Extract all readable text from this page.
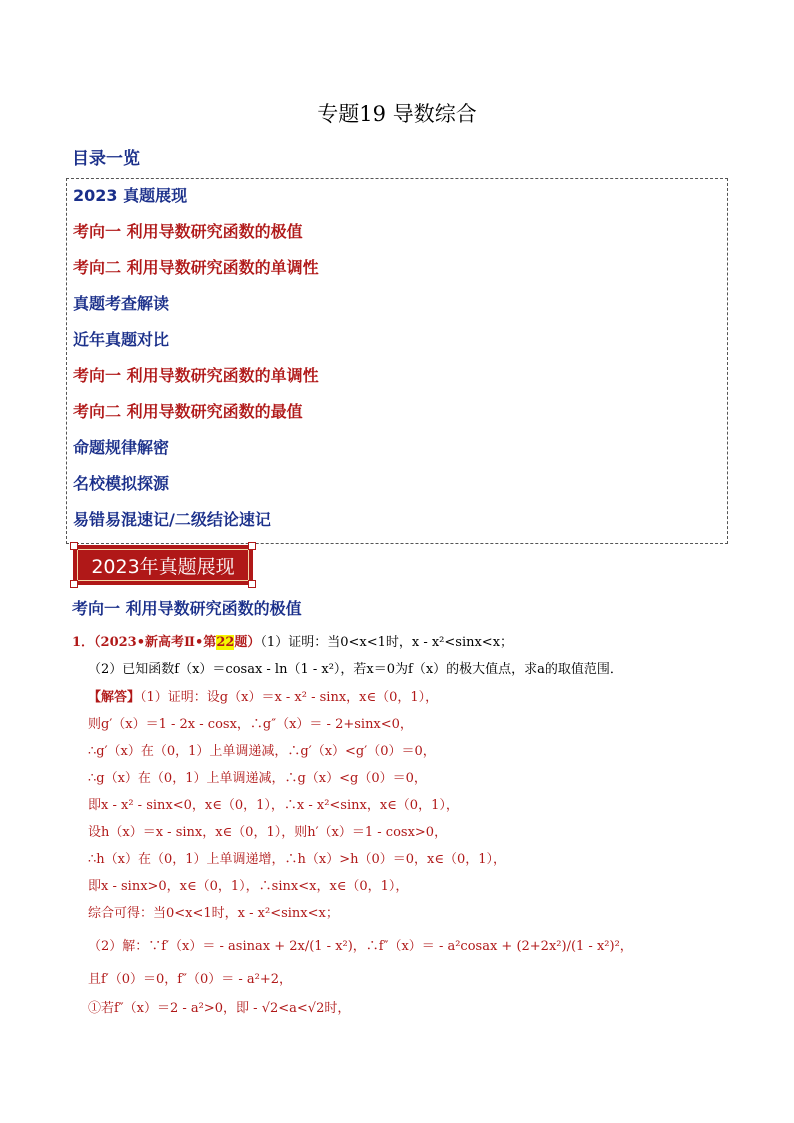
专题19 导数综合
目录一览
2023 真题展现
考向一 利用导数研究函数的极值
考向二 利用导数研究函数的单调性
真题考查解读
近年真题对比
考向一 利用导数研究函数的单调性
考向二 利用导数研究函数的最值
命题规律解密
名校模拟探源
易错易混速记/二级结论速记
2023年真题展现
考向一 利用导数研究函数的极值
1．（2023•新高考Ⅱ•第22题）（1）证明：当0<x<1时，x - x²<sinx<x；
（2）已知函数f（x）＝cosax - ln（1 - x²），若x＝0为f（x）的极大值点，求a的取值范围．
【解答】（1）证明：设g（x）＝x - x² - sinx，x∈（0，1），
则g′（x）＝1 - 2x - cosx，∴g″（x）＝ - 2+sinx<0，
∴g′（x）在（0，1）上单调递减，∴g′（x）<g′（0）＝0，
∴g（x）在（0，1）上单调递减，∴g（x）<g（0）＝0，
即x - x² - sinx<0，x∈（0，1），∴x - x²<sinx，x∈（0，1），
设h（x）＝x - sinx，x∈（0，1），则h′（x）＝1 - cosx>0，
∴h（x）在（0，1）上单调递增，∴h（x）>h（0）＝0，x∈（0，1），
即x - sinx>0，x∈（0，1），∴sinx<x，x∈（0，1），
综合可得：当0<x<1时，x - x²<sinx<x；
（2）解：∵f′（x）＝ - asinax + 2x/(1 - x²)，∴f″（x）＝ - a²cosax + (2+2x²)/(1 - x²)²，
且f′（0）＝0，f″（0）＝ - a²+2，
①若f″（x）＝2 - a²>0，即 - √2<a<√2时，
